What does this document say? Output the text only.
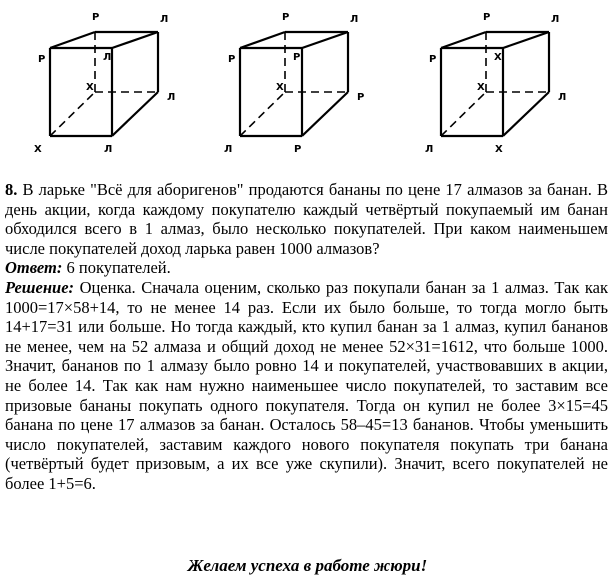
Р	Л
Р	Л
Х
Л
Х	Л
Р	Л
Р	Р
Х
Р
Л	Р
Р	Л
Р	Х
Х
Л
Л	Х

8. В ларьке "Всё для аборигенов" продаются бананы по цене 17 алмазов за банан. В день акции, когда каждому покупателю каждый четвёртый покупаемый им банан обходился всего в 1 алмаз, было несколько покупателей. При каком наименьшем числе покупателей доход ларька равен 1000 алмазов?

Ответ: 6 покупателей.

Решение: Оценка. Сначала оценим, сколько раз покупали банан за 1 алмаз. Так как 1000=17×58+14, то не менее 14 раз. Если их было больше, то тогда могло быть 14+17=31 или больше. Но тогда каждый, кто купил банан за 1 алмаз, купил бананов не менее, чем на 52 алмаза и общий доход не менее 52×31=1612, что больше 1000. Значит, бананов по 1 алмазу было ровно 14 и покупателей, участвовавших в акции, не более 14. Так как нам нужно наименьшее число покупателей, то заставим все призовые бананы покупать одного покупателя. Тогда он купил не более 3×15=45 банана по цене 17 алмазов за банан. Осталось 58–45=13 бананов. Чтобы уменьшить число покупателей, заставим каждого нового покупателя покупать три банана (четвёртый будет призовым, а их все уже скупили). Значит, всего покупателей не более 1+5=6.

Желаем успеха в работе жюри!
